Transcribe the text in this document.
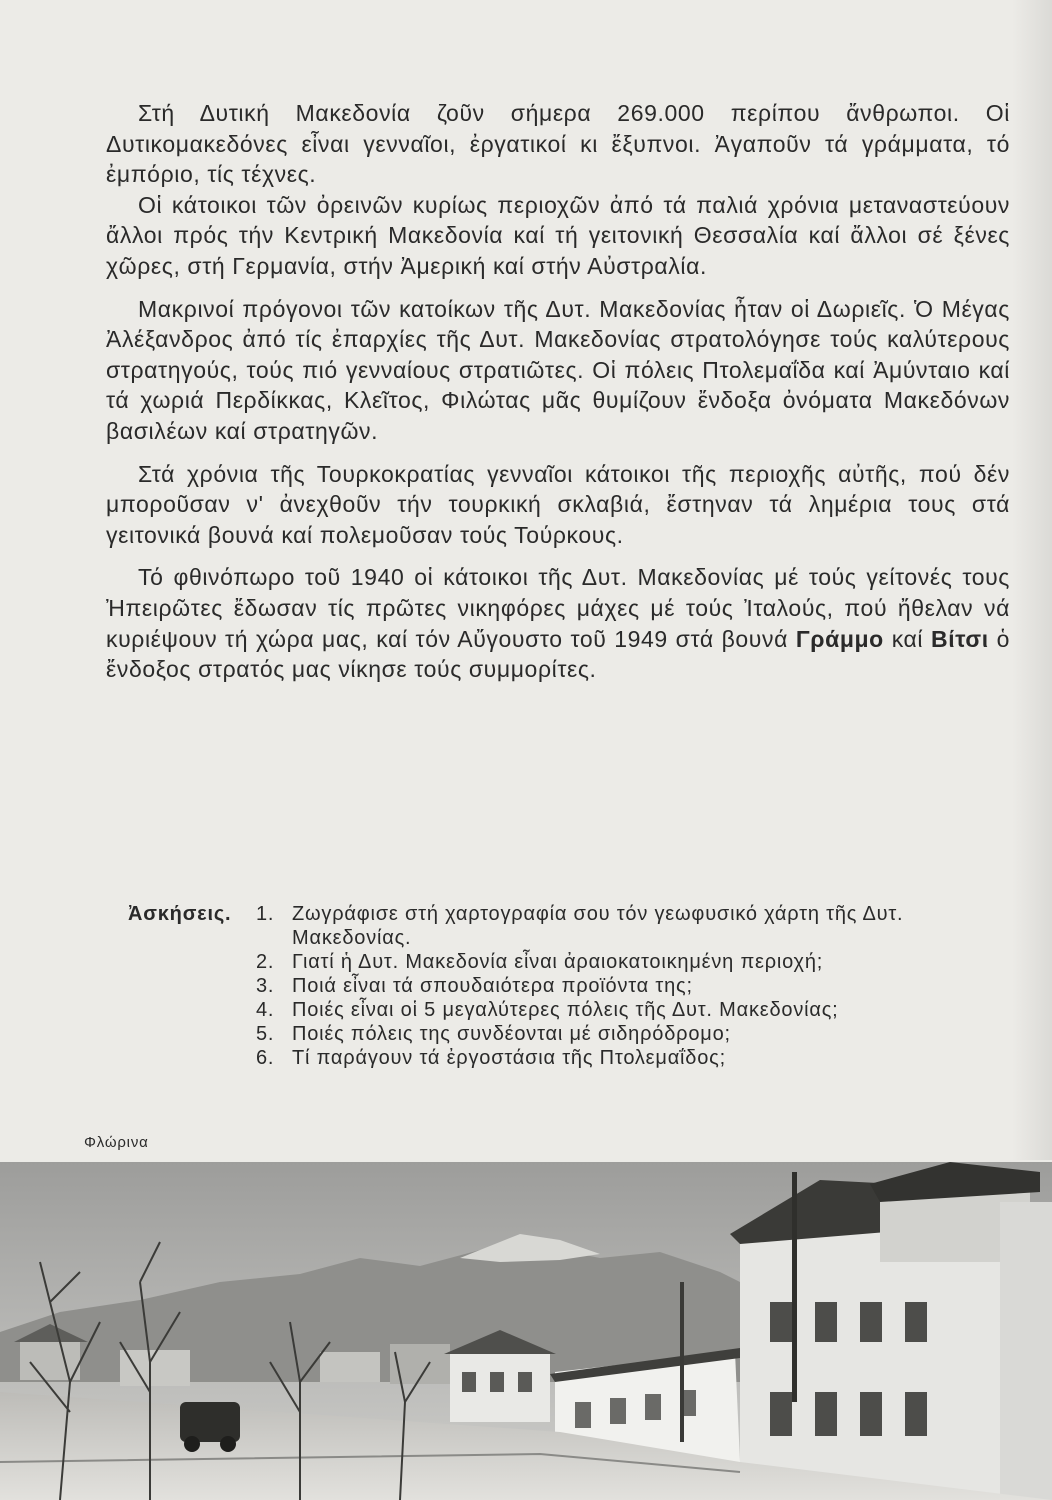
Στή Δυτική Μακεδονία ζοῦν σήμερα 269.000 περίπου ἄνθρωποι. Οἱ Δυτικομακεδόνες εἶναι γενναῖοι, ἐργατικοί κι ἔξυπνοι. Ἀγαποῦν τά γράμματα, τό ἐμπόριο, τίς τέχνες.

Οἱ κάτοικοι τῶν ὀρεινῶν κυρίως περιοχῶν ἀπό τά παλιά χρόνια μεταναστεύουν ἄλλοι πρός τήν Κεντρική Μακεδονία καί τή γειτονική Θεσσαλία καί ἄλλοι σέ ξένες χῶρες, στή Γερμανία, στήν Ἀμερική καί στήν Αὐστραλία.

Μακρινοί πρόγονοι τῶν κατοίκων τῆς Δυτ. Μακεδονίας ἦταν οἱ Δωριεῖς. Ὁ Μέγας Ἀλέξανδρος ἀπό τίς ἐπαρχίες τῆς Δυτ. Μακεδονίας στρατολόγησε τούς καλύτερους στρατηγούς, τούς πιό γενναίους στρατιῶτες. Οἱ πόλεις Πτολεμαΐδα καί Ἀμύνταιο καί τά χωριά Περδίκκας, Κλεῖτος, Φιλώτας μᾶς θυμίζουν ἔνδοξα ὀνόματα Μακεδόνων βασιλέων καί στρατηγῶν.

Στά χρόνια τῆς Τουρκοκρατίας γενναῖοι κάτοικοι τῆς περιοχῆς αὐτῆς, πού δέν μποροῦσαν ν' ἀνεχθοῦν τήν τουρκική σκλαβιά, ἔστηναν τά λημέρια τους στά γειτονικά βουνά καί πολεμοῦσαν τούς Τούρκους.

Τό φθινόπωρο τοῦ 1940 οἱ κάτοικοι τῆς Δυτ. Μακεδονίας μέ τούς γείτονές τους Ἠπειρῶτες ἔδωσαν τίς πρῶτες νικηφόρες μάχες μέ τούς Ἰταλούς, πού ἤθελαν νά κυριέψουν τή χώρα μας, καί τόν Αὔγουστο τοῦ 1949 στά βουνά Γράμμο καί Βίτσι ὁ ἔνδοξος στρατός μας νίκησε τούς συμμορίτες.

Ἀσκήσεις. 1. Ζωγράφισε στή χαρτογραφία σου τόν γεωφυσικό χάρτη τῆς Δυτ. Μακεδονίας.
2. Γιατί ἡ Δυτ. Μακεδονία εἶναι ἀραιοκατοικημένη περιοχή;
3. Ποιά εἶναι τά σπουδαιότερα προϊόντα της;
4. Ποιές εἶναι οἱ 5 μεγαλύτερες πόλεις τῆς Δυτ. Μακεδονίας;
5. Ποιές πόλεις της συνδέονται μέ σιδηρόδρομο;
6. Τί παράγουν τά ἐργοστάσια τῆς Πτολεμαΐδος;
Φλώρινα
